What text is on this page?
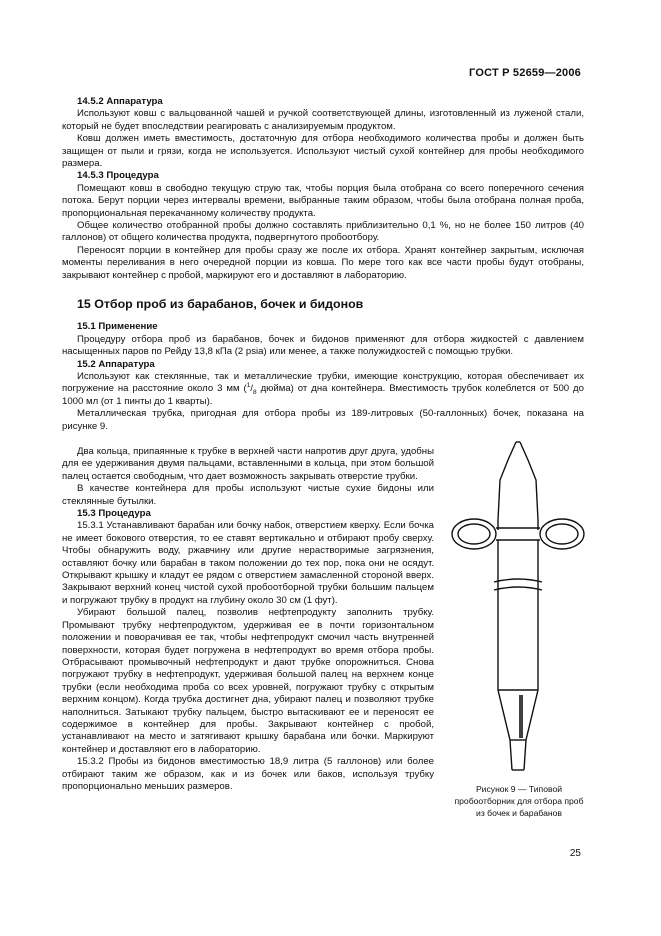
ГОСТ Р 52659—2006

14.5.2 Аппаратура

Используют ковш с вальцованной чашей и ручкой соответствующей длины, изготовленный из луженой стали, который не будет впоследствии реагировать с анализируемым продуктом.

Ковш должен иметь вместимость, достаточную для отбора необходимого количества пробы и должен быть защищен от пыли и грязи, когда не используется. Используют чистый сухой контейнер для пробы необходимого размера.

14.5.3 Процедура

Помещают ковш в свободно текущую струю так, чтобы порция была отобрана со всего поперечного сечения потока. Берут порции через интервалы времени, выбранные таким образом, чтобы была отобрана полная проба, пропорциональная перекачанному количеству продукта.

Общее количество отобранной пробы должно составлять приблизительно 0,1 %, но не более 150 литров (40 галлонов) от общего количества продукта, подвергнутого пробоотбору.

Переносят порции в контейнер для пробы сразу же после их отбора. Хранят контейнер закрытым, исключая моменты переливания в него очередной порции из ковша. По мере того как все части пробы будут отобраны, закрывают контейнер с пробой, маркируют его и доставляют в лабораторию.

15 Отбор проб из барабанов, бочек и бидонов

15.1 Применение

Процедуру отбора проб из барабанов, бочек и бидонов применяют для отбора жидкостей с давлением насыщенных паров по Рейду 13,8 кПа (2 psia) или менее, а также полужидкостей с помощью трубки.

15.2 Аппаратура

Используют как стеклянные, так и металлические трубки, имеющие конструкцию, которая обеспечивает их погружение на расстояние около 3 мм ($^1/_8$ дюйма) от дна контейнера. Вместимость трубок колеблется от 500 до 1000 мл (от 1 пинты до 1 кварты).

Металлическая трубка, пригодная для отбора пробы из 189-литровых (50-галлонных) бочек, показана на рисунке 9.

Два кольца, припаянные к трубке в верхней части напротив друг друга, удобны для ее удерживания двумя пальцами, вставленными в кольца, при этом большой палец остается свободным, что дает возможность закрывать отверстие трубки.

В качестве контейнера для пробы используют чистые сухие бидоны или стеклянные бутылки.

15.3 Процедура

15.3.1 Устанавливают барабан или бочку набок, отверстием кверху. Если бочка не имеет бокового отверстия, то ее ставят вертикально и отбирают пробу сверху. Чтобы обнаружить воду, ржавчину или другие нерастворимые загрязнения, оставляют бочку или барабан в таком положении до тех пор, пока они не осядут. Открывают крышку и кладут ее рядом с отверстием замасленной стороной вверх. Закрывают верхний конец чистой сухой пробоотборной трубки большим пальцем и погружают трубку в продукт на глубину около 30 см (1 фут).

Убирают большой палец, позволив нефтепродукту заполнить трубку. Промывают трубку нефтепродуктом, удерживая ее в почти горизонтальном положении и поворачивая ее так, чтобы нефтепродукт смочил часть внутренней поверхности, которая будет погружена в нефтепродукт во время отбора пробы. Отбрасывают промывочный нефтепродукт и дают трубке опорожниться. Снова погружают трубку в нефтепродукт, удерживая большой палец на верхнем конце трубки (если необходима проба со всех уровней, погружают трубку с открытым верхним концом). Когда трубка достигнет дна, убирают палец и позволяют трубке наполниться. Затыкают трубку пальцем, быстро вытаскивают ее и переносят ее содержимое в контейнер для пробы. Закрывают контейнер с пробой, устанавливают на место и затягивают крышку барабана или бочки. Маркируют контейнер и доставляют его в лабораторию.

15.3.2 Пробы из бидонов вместимостью 18,9 литра (5 галлонов) или более отбирают таким же образом, как и из бочек или баков, используя трубку пропорционально меньших размеров.	Рисунок 9 — Типовой пробоотборник для отбора проб из бочек и барабанов
25
